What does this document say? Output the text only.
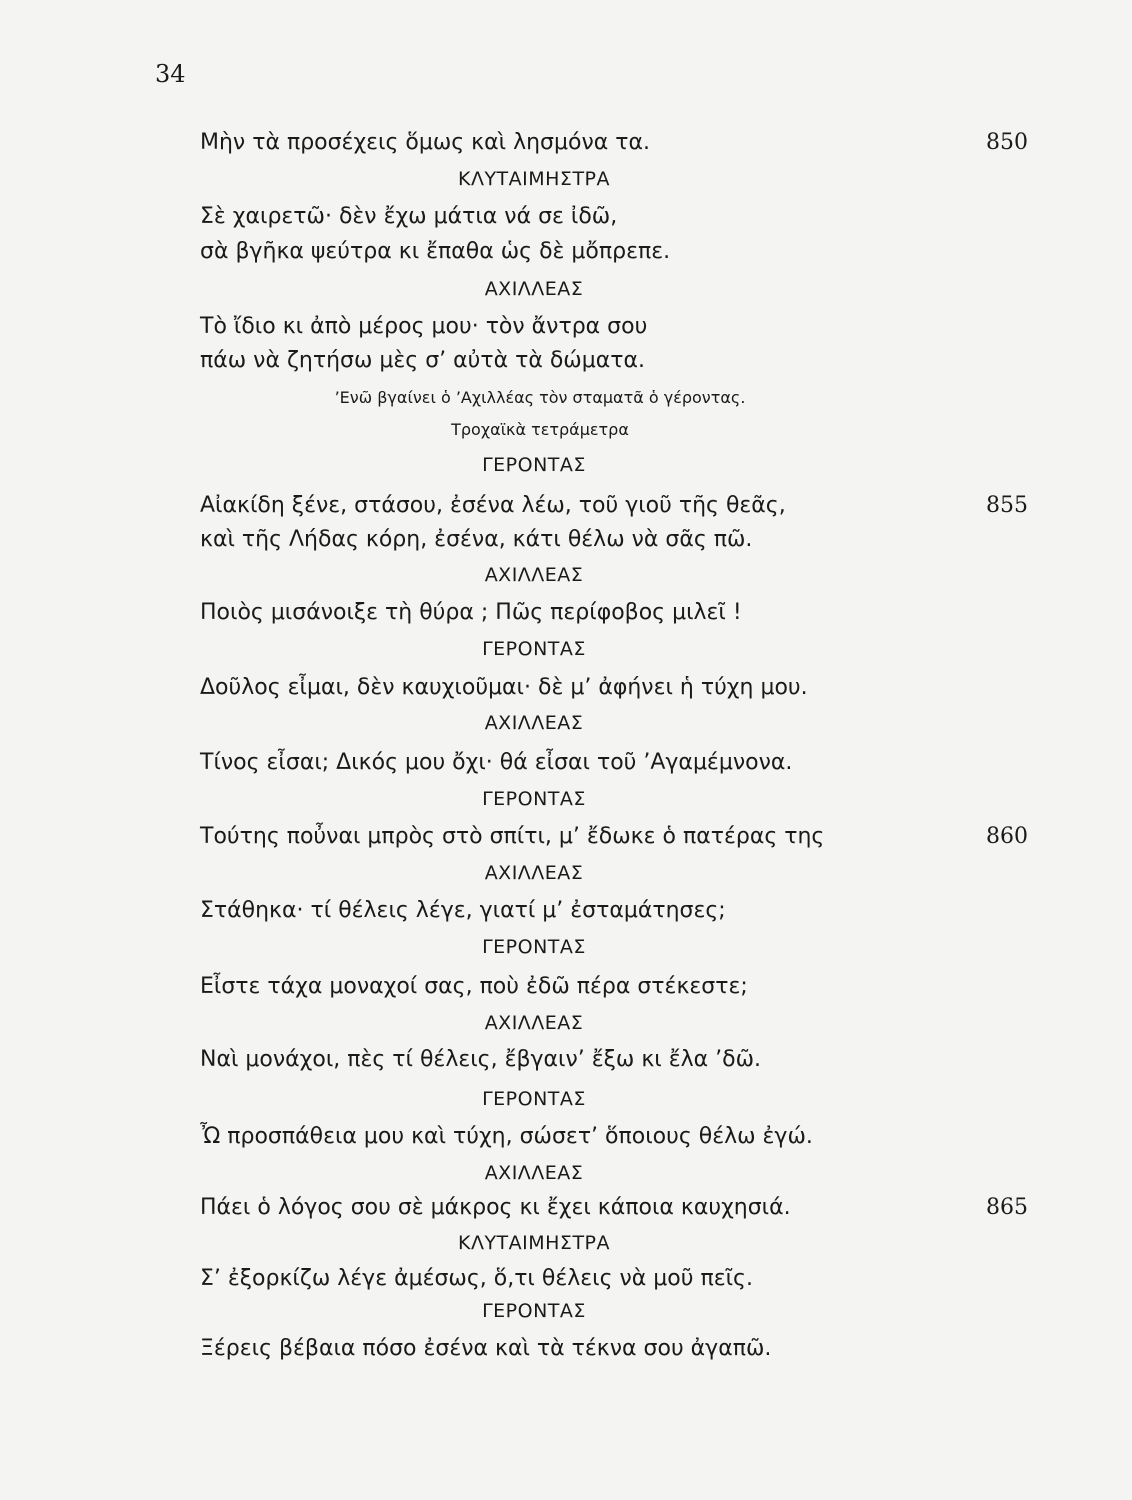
34
Μὴν τὰ προσέχεις ὅμως καὶ λησμόνα τα.	850
ΚΛΥΤΑΙΜΗΣΤΡΑ
Σὲ χαιρετῶ· δὲν ἔχω μάτια νά σε ἰδῶ,
σὰ βγῆκα ψεύτρα κι ἔπαθα ὡς δὲ μὄπρεπε.
ΑΧΙΛΛΕΑΣ
Τὸ ἴδιο κι ἀπὸ μέρος μου· τὸν ἄντρα σου
πάω νὰ ζητήσω μὲς σ’ αὐτὰ τὰ δώματα.
’Ενῶ βγαίνει ὁ ’Αχιλλέας τὸν σταματᾶ ὁ γέροντας.
Τροχαϊκὰ τετράμετρα
ΓΕΡΟΝΤΑΣ
Αἰακίδη ξένε, στάσου, ἐσένα λέω, τοῦ γιοῦ τῆς θεᾶς,	855
καὶ τῆς Λήδας κόρη, ἐσένα, κάτι θέλω νὰ σᾶς πῶ.
ΑΧΙΛΛΕΑΣ
Ποιὸς μισάνοιξε τὴ θύρα ; Πῶς περίφοβος μιλεῖ !
ΓΕΡΟΝΤΑΣ
Δοῦλος εἶμαι, δὲν καυχιοῦμαι· δὲ μ’ ἀφήνει ἡ τύχη μου.
ΑΧΙΛΛΕΑΣ
Τίνος εἶσαι; Δικός μου ὄχι· θά εἶσαι τοῦ ’Αγαμέμνονα.
ΓΕΡΟΝΤΑΣ
Τούτης ποὖναι μπρὸς στὸ σπίτι, μ’ ἔδωκε ὁ πατέρας της	860
ΑΧΙΛΛΕΑΣ
Στάθηκα· τί θέλεις λέγε, γιατί μ’ ἐσταμάτησες;
ΓΕΡΟΝΤΑΣ
Εἶστε τάχα μοναχοί σας, ποὺ ἐδῶ πέρα στέκεστε;
ΑΧΙΛΛΕΑΣ
Ναὶ μονάχοι, πὲς τί θέλεις, ἔβγαιν’ ἔξω κι ἔλα ’δῶ.
ΓΕΡΟΝΤΑΣ
Ὦ προσπάθεια μου καὶ τύχη, σώσετ’ ὅποιους θέλω ἐγώ.
ΑΧΙΛΛΕΑΣ
Πάει ὁ λόγος σου σὲ μάκρος κι ἔχει κάποια καυχησιά.	865
ΚΛΥΤΑΙΜΗΣΤΡΑ
Σ’ ἐξορκίζω λέγε ἀμέσως, ὅ,τι θέλεις νὰ μοῦ πεῖς.
ΓΕΡΟΝΤΑΣ
Ξέρεις βέβαια πόσο ἐσένα καὶ τὰ τέκνα σου ἀγαπῶ.
